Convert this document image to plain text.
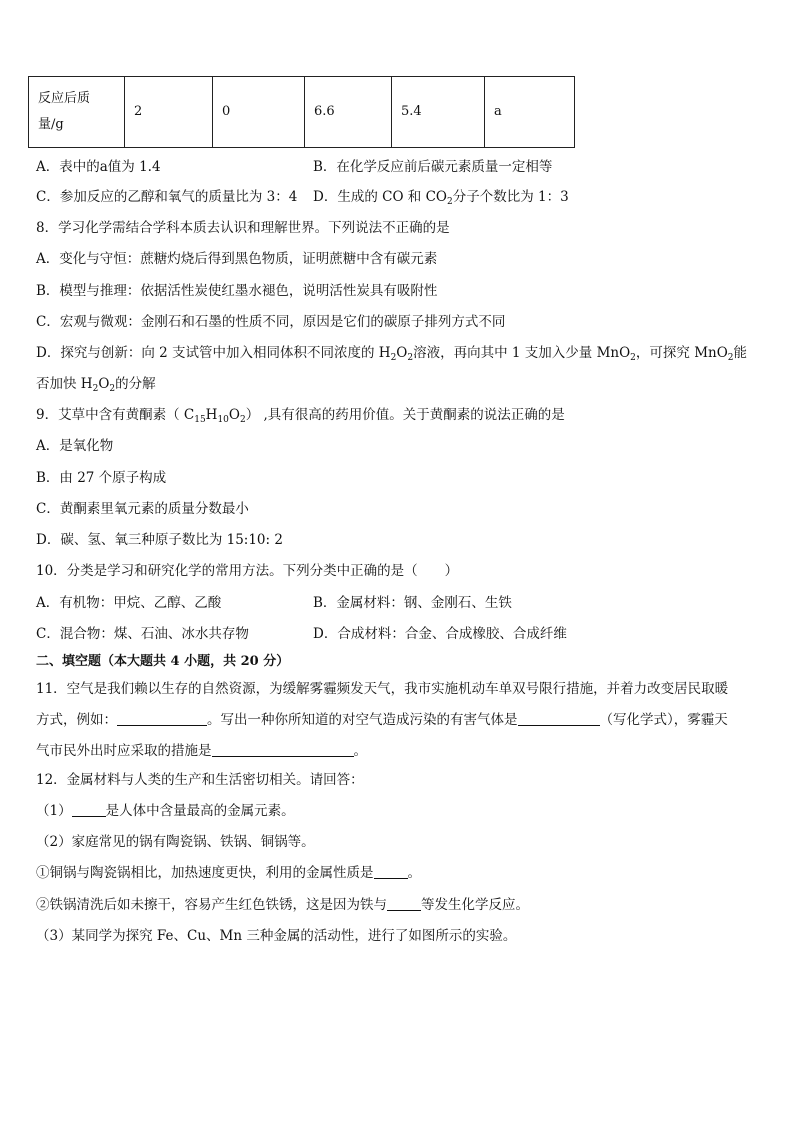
反应后质量/g	2	0	6.6	5.4	a
A．表中的a值为 1.4	B．在化学反应前后碳元素质量一定相等
C．参加反应的乙醇和氧气的质量比为 3：4 D．生成的 CO 和 $CO_2$分子个数比为 1：3
8．学习化学需结合学科本质去认识和理解世界。下列说法不正确的是
A．变化与守恒：蔗糖灼烧后得到黑色物质，证明蔗糖中含有碳元素
B．模型与推理：依据活性炭使红墨水褪色，说明活性炭具有吸附性
C．宏观与微观：金刚石和石墨的性质不同，原因是它们的碳原子排列方式不同
D．探究与创新：向 2 支试管中加入相同体积不同浓度的 $H_2O_2$溶液，再向其中 1 支加入少量 MnO$_2$，可探究 MnO$_2$能
否加快 $H_2O_2$的分解
9．艾草中含有黄酮素（ $C_{15}H_{10}O_2$） ,具有很高的药用价值。关于黄酮素的说法正确的是
A．是氧化物
B．由 27 个原子构成
C．黄酮素里氧元素的质量分数最小
D．碳、氢、氧三种原子数比为 15:10: 2
10．分类是学习和研究化学的常用方法。下列分类中正确的是（　　）
A．有机物：甲烷、乙醇、乙酸	B．金属材料：钢、金刚石、生铁
C．混合物：煤、石油、冰水共存物	D．合成材料：合金、合成橡胶、合成纤维
二、填空题（本大题共 4 小题，共 20 分）
11．空气是我们赖以生存的自然资源，为缓解雾霾频发天气，我市实施机动车单双号限行措施，并着力改变居民取暖
方式，例如：	。写出一种你所知道的对空气造成污染的有害气体是	（写化学式），雾霾天
气市民外出时应采取的措施是	。
12．金属材料与人类的生产和生活密切相关。请回答：
（1）	是人体中含量最高的金属元素。
（2）家庭常见的锅有陶瓷锅、铁锅、铜锅等。
①铜锅与陶瓷锅相比，加热速度更快，利用的金属性质是	。
②铁锅清洗后如未擦干，容易产生红色铁锈，这是因为铁与	等发生化学反应。
（3）某同学为探究 Fe、Cu、Mn 三种金属的活动性，进行了如图所示的实验。
